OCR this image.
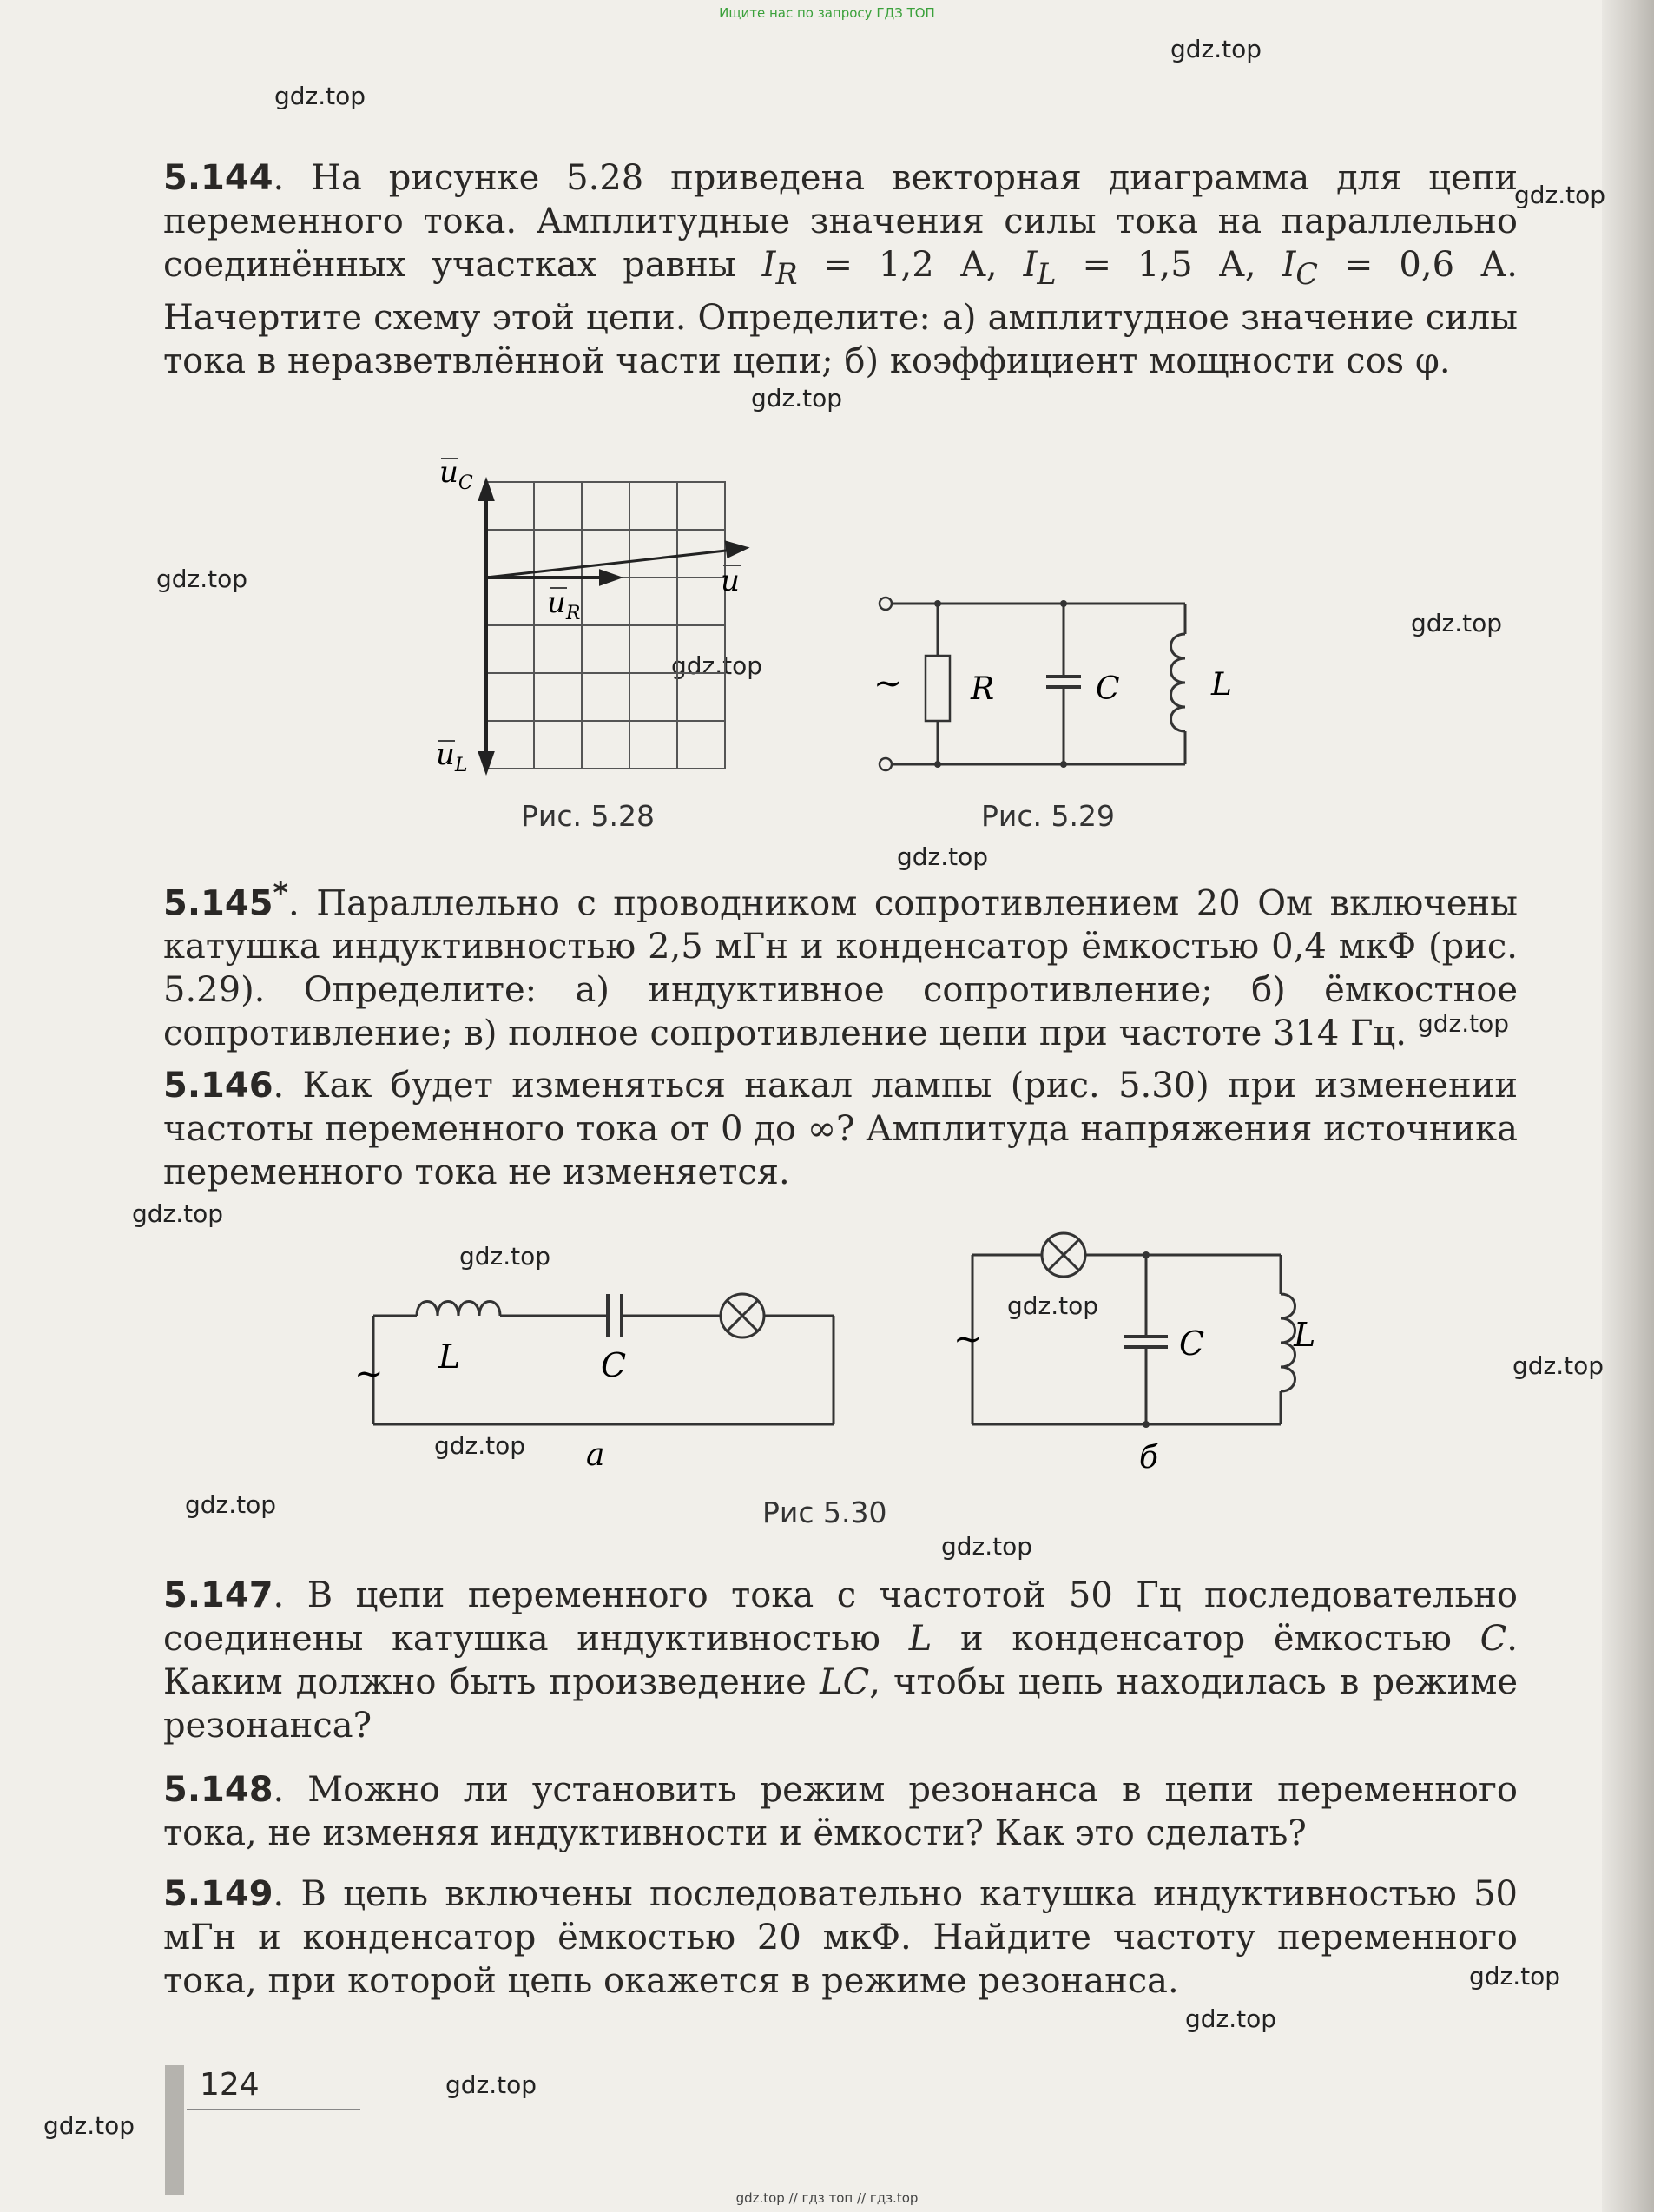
Ищите нас по запросу ГДЗ ТОП
gdz.top
gdz.top
gdz.top
gdz.top
gdz.top
gdz.top
gdz.top
gdz.top
gdz.top
gdz.top
gdz.top
gdz.top
gdz.top
gdz.top
gdz.top
gdz.top
gdz.top
gdz.top
gdz.top
gdz.top
5.144. На рисунке 5.28 приведена векторная диаграмма для цепи переменного тока. Амплитудные значения силы тока на параллельно соединённых участках равны $I_R = 1,2$ А, $I_L = 1,5$ А, $I_C = 0,6$ А. Начертите схему этой цепи. Определите: а) амплитудное значение силы тока в неразветвлённой части цепи; б) коэффициент мощности cos φ.
$u_C$
$u_R$
u
$u_L$
Рис. 5.28
~ R	C	L
Рис. 5.29
5.145*. Параллельно с проводником сопротивлением 20 Ом включены катушка индуктивностью 2,5 мГн и конденсатор ёмкостью 0,4 мкФ (рис. 5.29). Определите: а) индуктивное сопротивление; б) ёмкостное сопротивление; в) полное сопротивление цепи при частоте 314 Гц.
5.146. Как будет изменяться накал лампы (рис. 5.30) при изменении частоты переменного тока от 0 до ∞? Амплитуда напряжения источника переменного тока не изменяется.
~ L	C
а
~	C	L
б
Рис 5.30
5.147. В цепи переменного тока с частотой 50 Гц последовательно соединены катушка индуктивностью L и конденсатор ёмкостью C. Каким должно быть произведение LC, чтобы цепь находилась в режиме резонанса?
5.148. Можно ли установить режим резонанса в цепи переменного тока, не изменяя индуктивности и ёмкости? Как это сделать?
5.149. В цепь включены последовательно катушка индуктивностью 50 мГн и конденсатор ёмкостью 20 мкФ. Найдите частоту переменного тока, при которой цепь окажется в режиме резонанса.
124
gdz.top // гдз топ // гдз.top
